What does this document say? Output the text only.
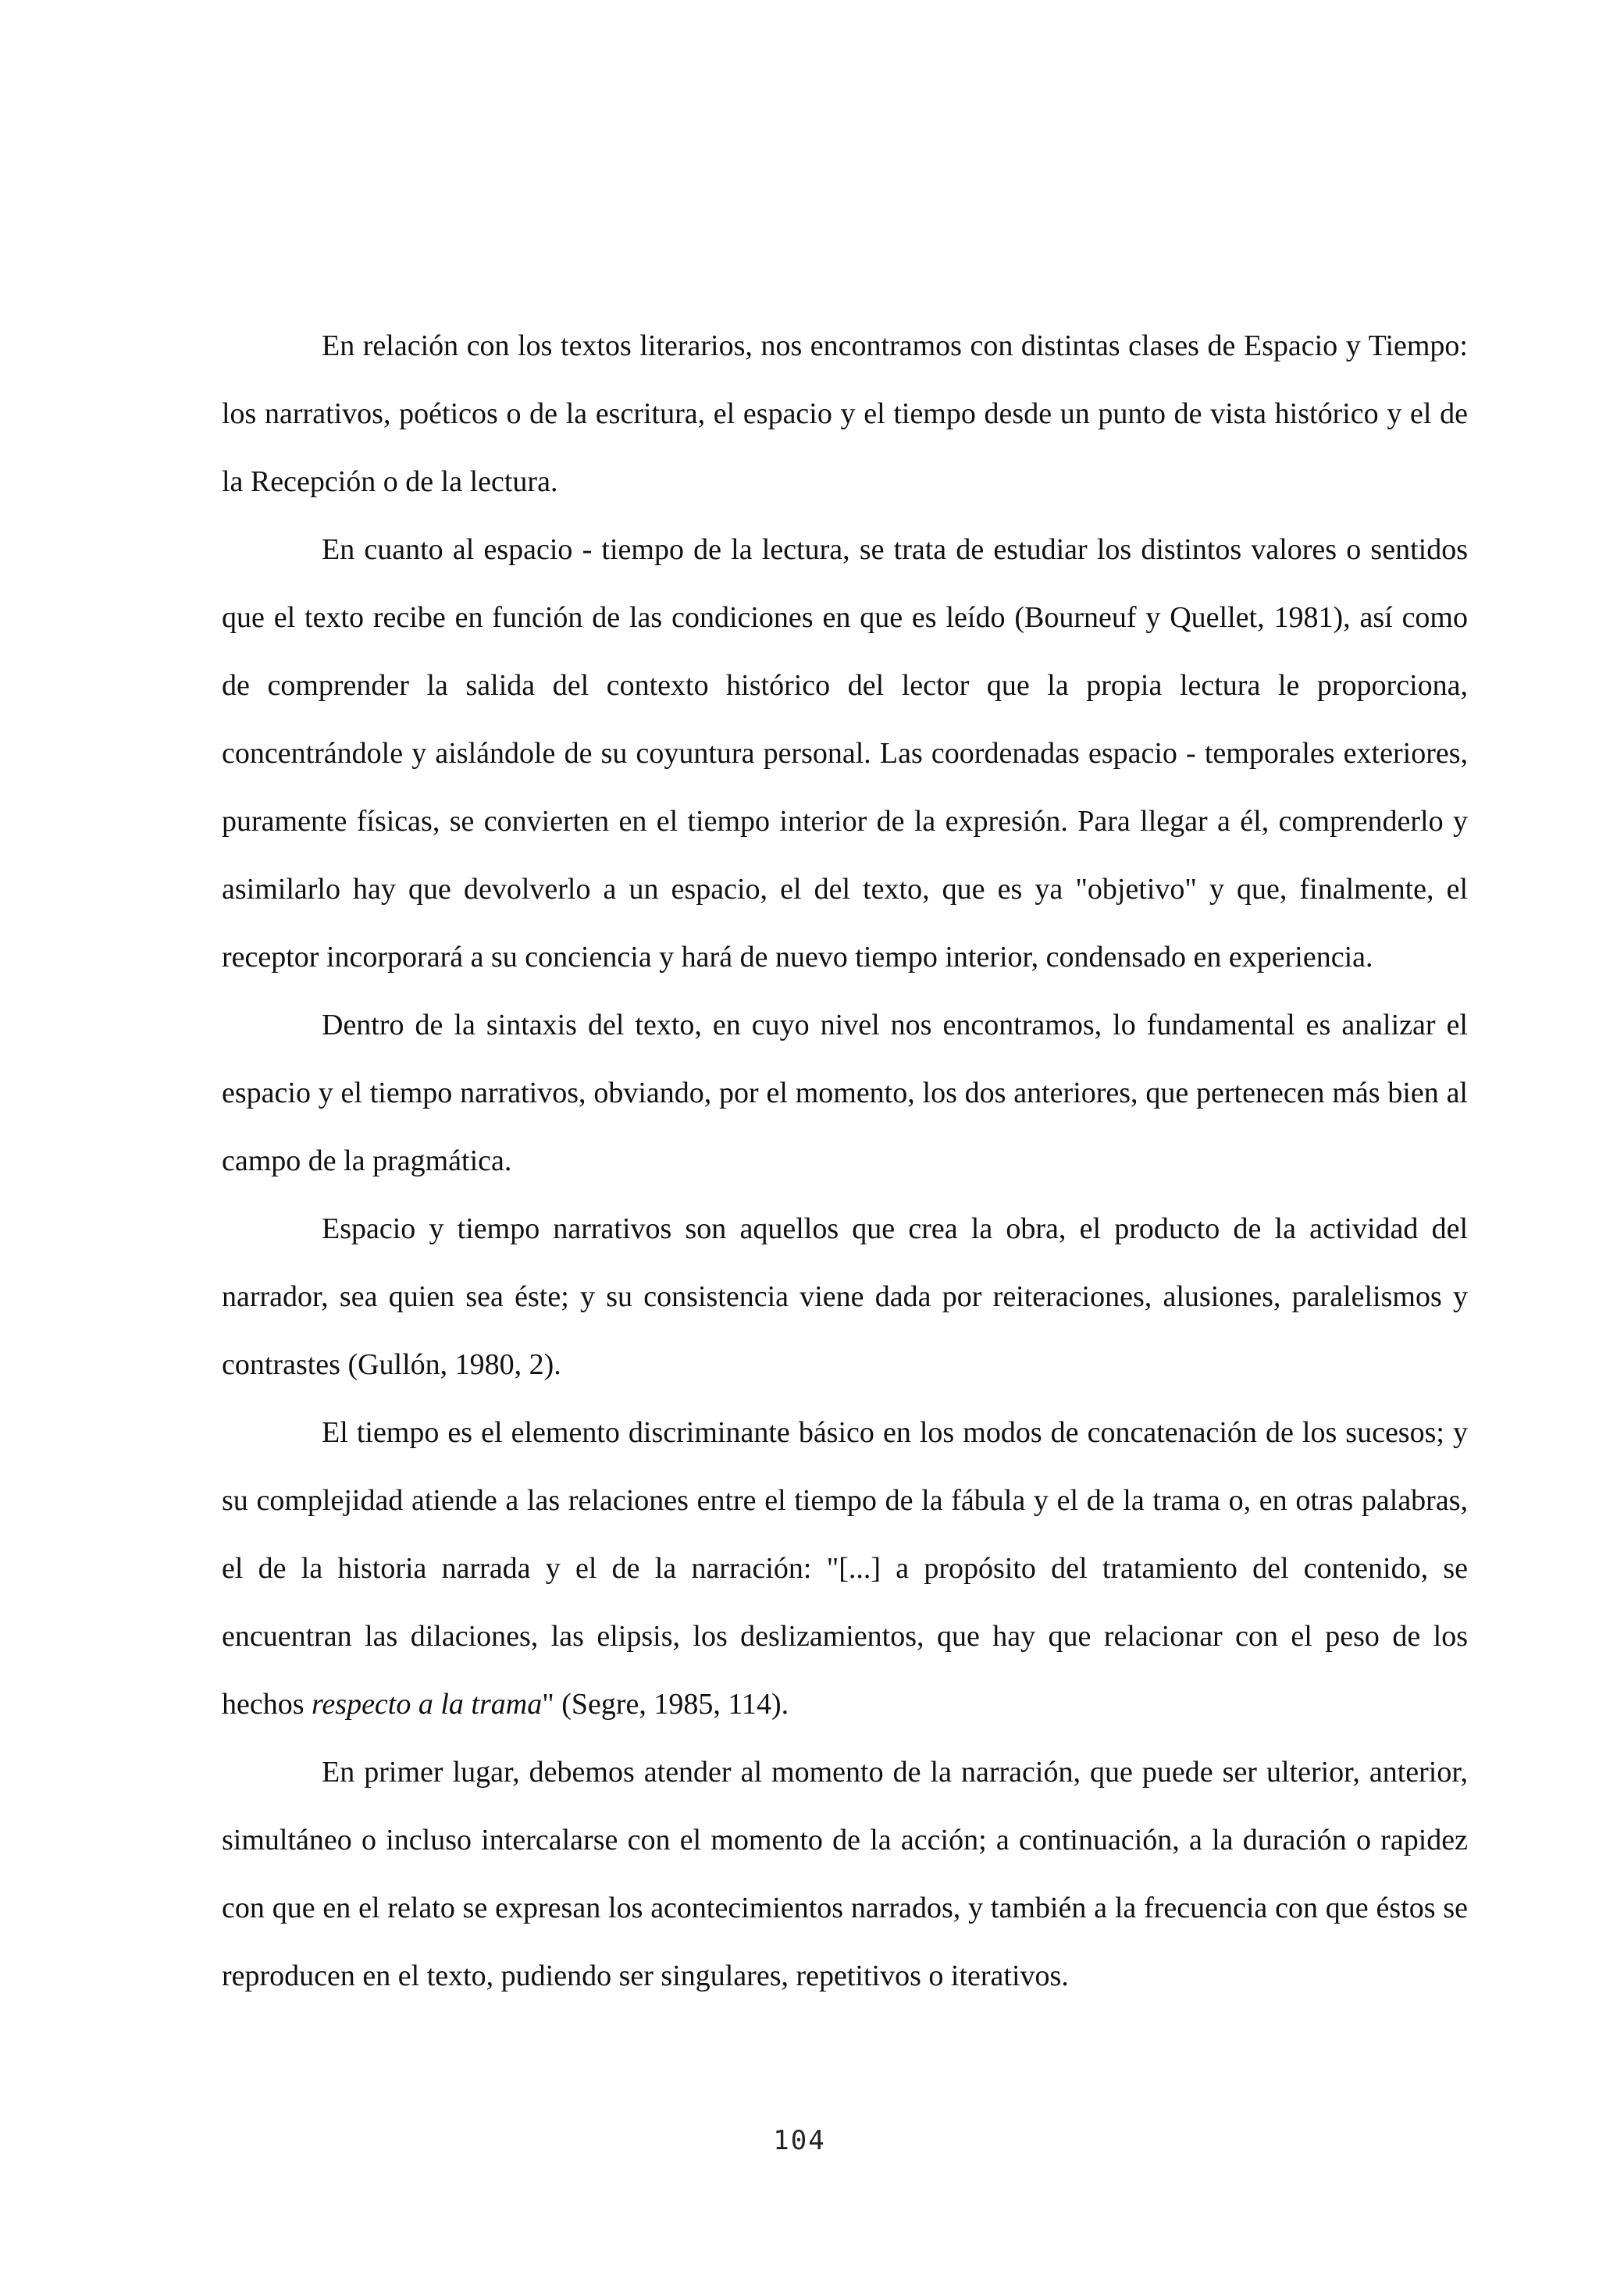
En relación con los textos literarios, nos encontramos con distintas clases de Espacio y Tiempo: los narrativos, poéticos o de la escritura, el espacio y el tiempo desde un punto de vista histórico y el de la Recepción o de la lectura.

En cuanto al espacio - tiempo de la lectura, se trata de estudiar los distintos valores o sentidos que el texto recibe en función de las condiciones en que es leído (Bourneuf y Quellet, 1981), así como de comprender la salida del contexto histórico del lector que la propia lectura le proporciona, concentrándole y aislándole de su coyuntura personal. Las coordenadas espacio - temporales exteriores, puramente físicas, se convierten en el tiempo interior de la expresión. Para llegar a él, comprenderlo y asimilarlo hay que devolverlo a un espacio, el del texto, que es ya "objetivo" y que, finalmente, el receptor incorporará a su conciencia y hará de nuevo tiempo interior, condensado en experiencia.

Dentro de la sintaxis del texto, en cuyo nivel nos encontramos, lo fundamental es analizar el espacio y el tiempo narrativos, obviando, por el momento, los dos anteriores, que pertenecen más bien al campo de la pragmática.

Espacio y tiempo narrativos son aquellos que crea la obra, el producto de la actividad del narrador, sea quien sea éste; y su consistencia viene dada por reiteraciones, alusiones, paralelismos y contrastes (Gullón, 1980, 2).

El tiempo es el elemento discriminante básico en los modos de concatenación de los sucesos; y su complejidad atiende a las relaciones entre el tiempo de la fábula y el de la trama o, en otras palabras, el de la historia narrada y el de la narración: "[...] a propósito del tratamiento del contenido, se encuentran las dilaciones, las elipsis, los deslizamientos, que hay que relacionar con el peso de los hechos respecto a la trama" (Segre, 1985, 114).

En primer lugar, debemos atender al momento de la narración, que puede ser ulterior, anterior, simultáneo o incluso intercalarse con el momento de la acción; a continuación, a la duración o rapidez con que en el relato se expresan los acontecimientos narrados, y también a la frecuencia con que éstos se reproducen en el texto, pudiendo ser singulares, repetitivos o iterativos.

104
